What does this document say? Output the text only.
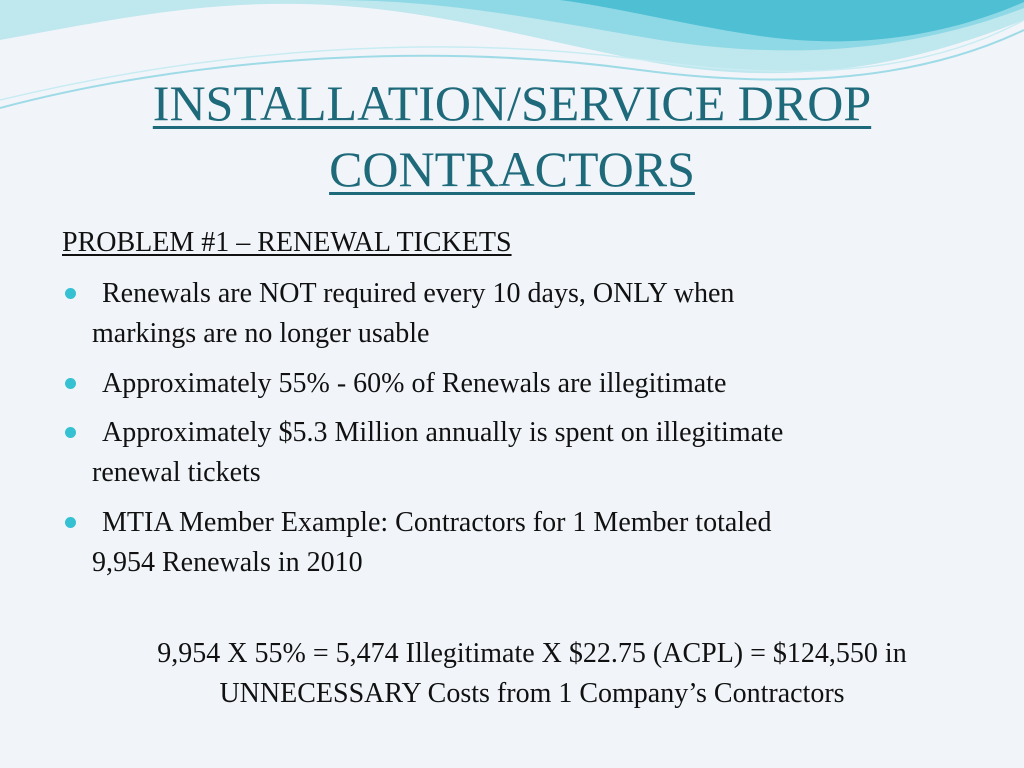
INSTALLATION/SERVICE DROP
CONTRACTORS
PROBLEM #1 – RENEWAL TICKETS
Renewals are NOT required every 10 days, ONLY when
markings are no longer usable
Approximately 55% - 60% of Renewals are illegitimate
Approximately $5.3 Million annually is spent on illegitimate
renewal tickets
MTIA Member Example: Contractors for 1 Member totaled
9,954 Renewals in 2010
9,954 X 55% = 5,474 Illegitimate X $22.75 (ACPL) = $124,550 in
UNNECESSARY Costs from 1 Company’s Contractors
